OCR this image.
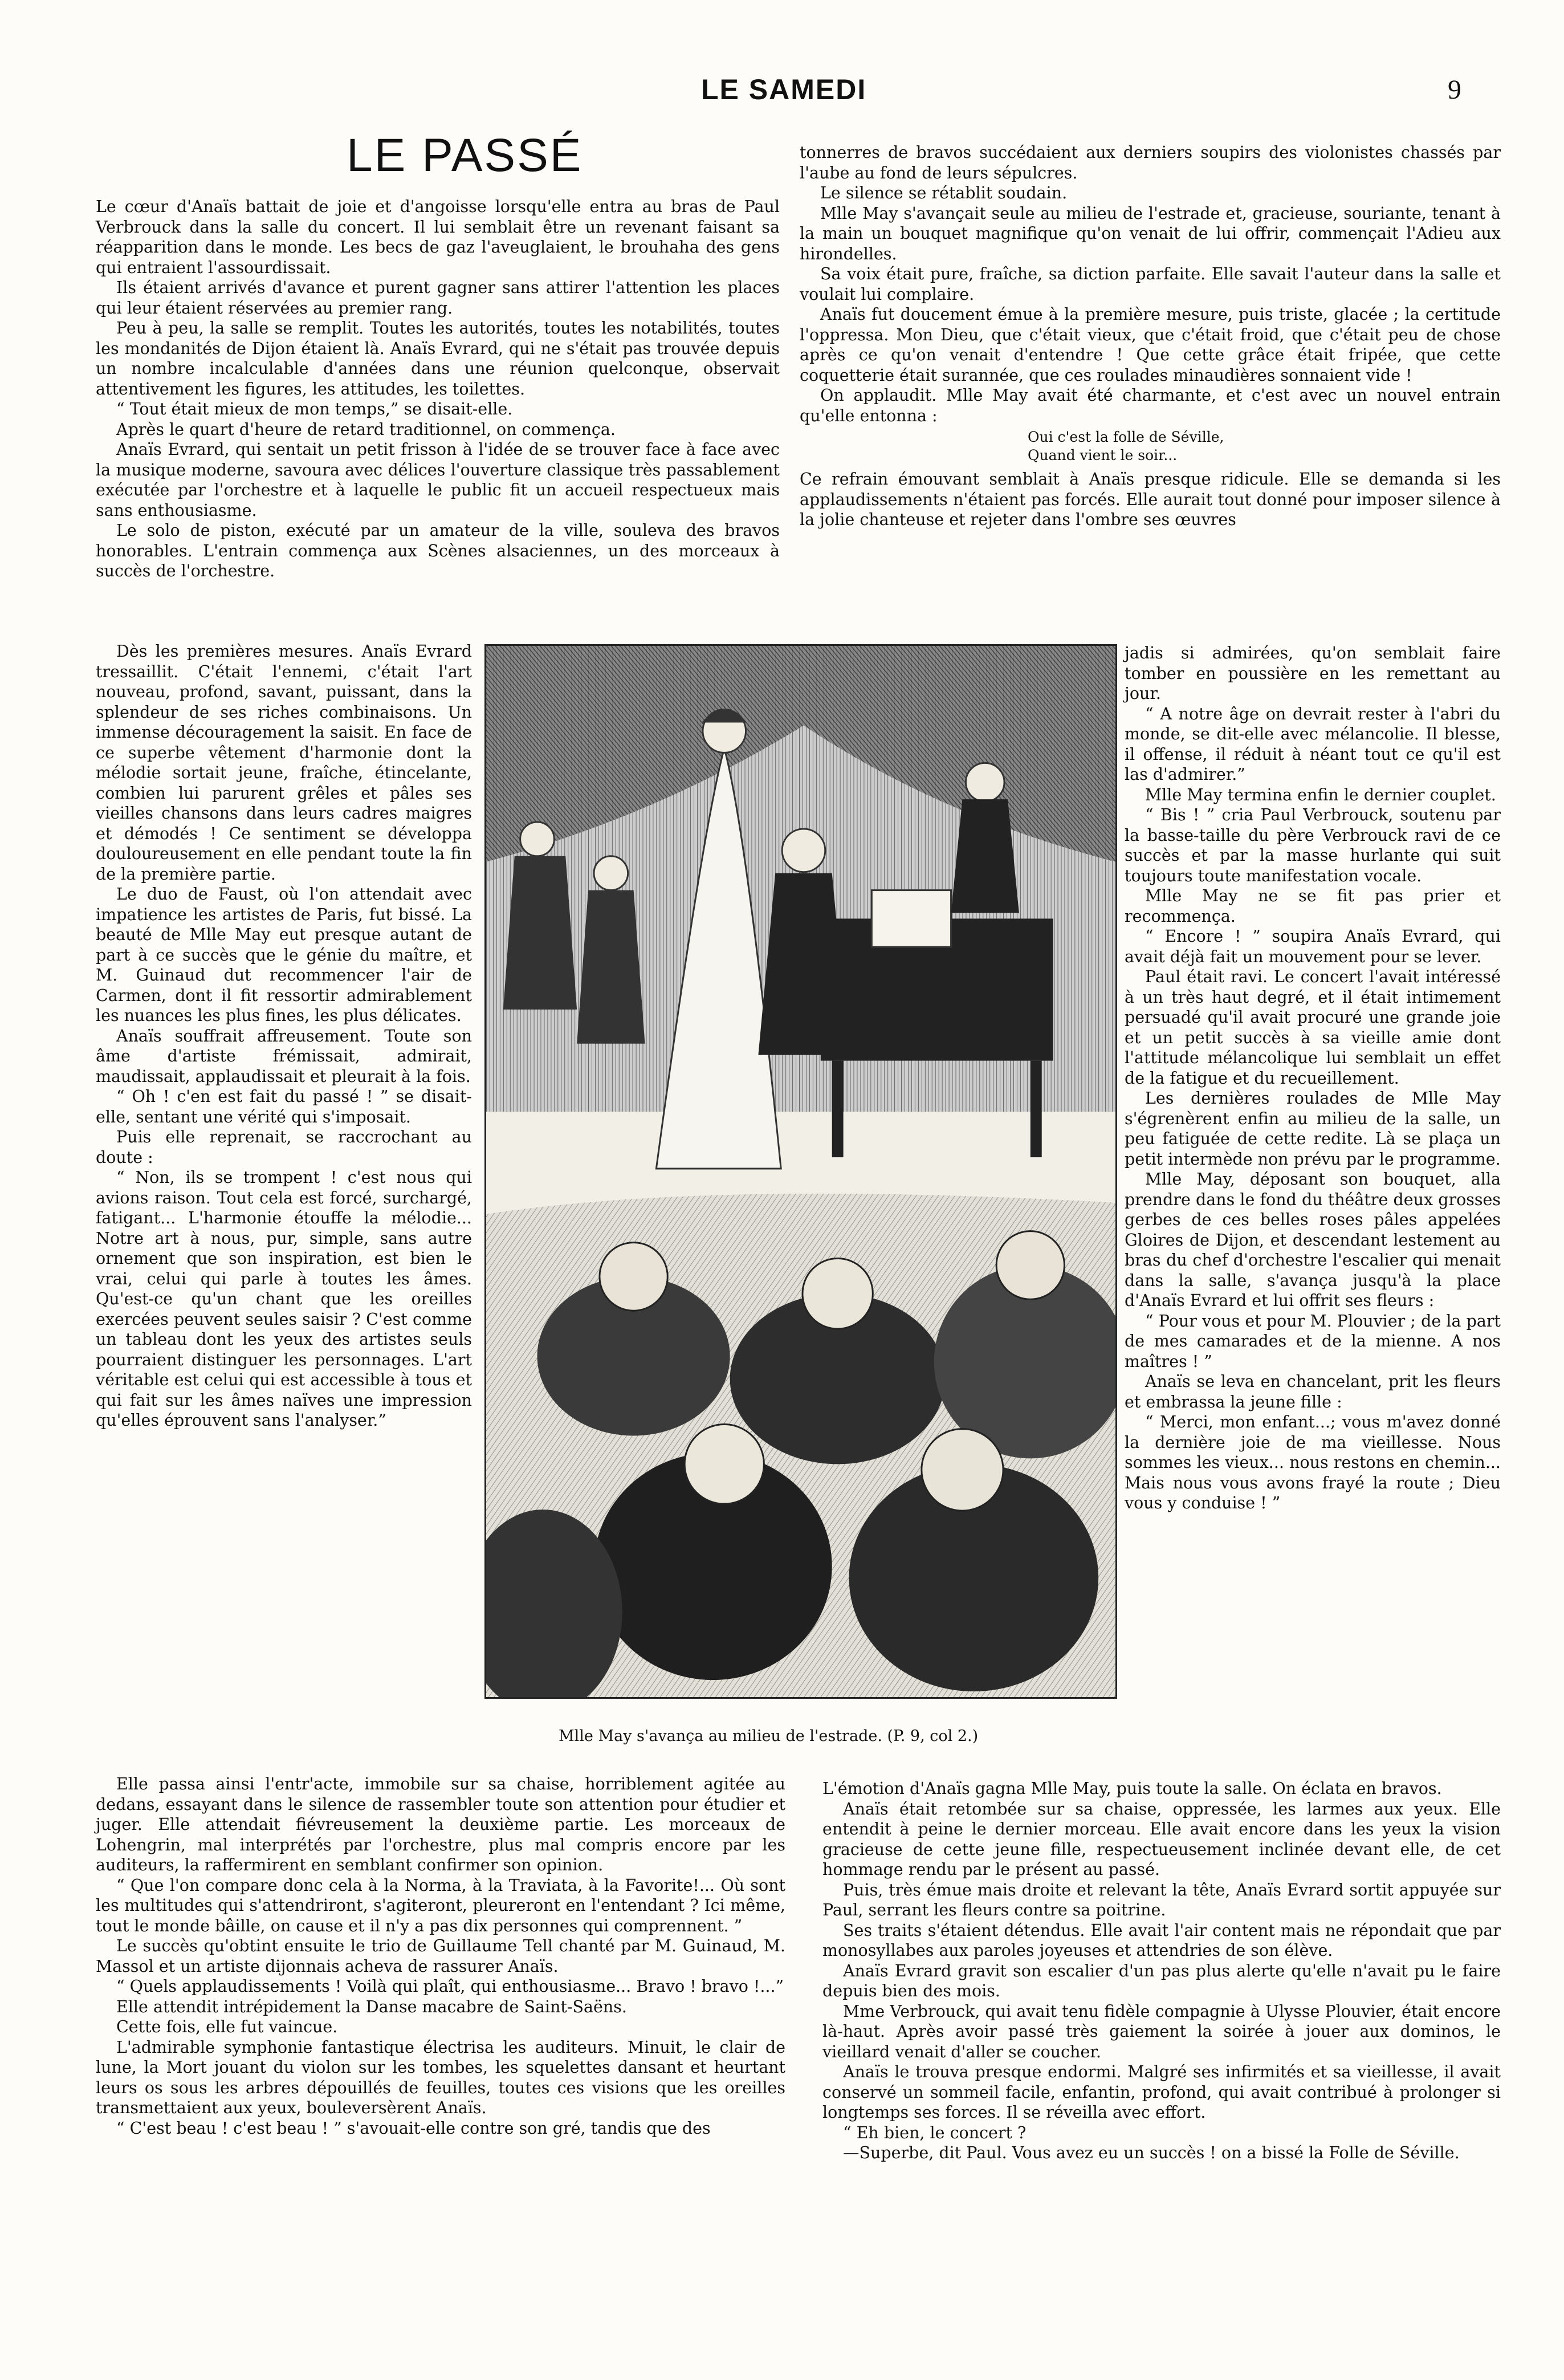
LE SAMEDI	9
LE PASSÉ

Le cœur d'Anaïs battait de joie et d'angoisse lorsqu'elle entra au bras de Paul Verbrouck dans la salle du concert. Il lui semblait être un revenant faisant sa réapparition dans le monde. Les becs de gaz l'aveuglaient, le brouhaha des gens qui entraient l'assourdissait.

Ils étaient arrivés d'avance et purent gagner sans attirer l'attention les places qui leur étaient réservées au premier rang.

Peu à peu, la salle se remplit. Toutes les autorités, toutes les notabilités, toutes les mondanités de Dijon étaient là. Anaïs Evrard, qui ne s'était pas trouvée depuis un nombre incalculable d'années dans une réunion quelconque, observait attentivement les figures, les attitudes, les toilettes.

“ Tout était mieux de mon temps,” se disait-elle.

Après le quart d'heure de retard traditionnel, on commença.

Anaïs Evrard, qui sentait un petit frisson à l'idée de se trouver face à face avec la musique moderne, savoura avec délices l'ouverture classique très passablement exécutée par l'orchestre et à laquelle le public fit un accueil respectueux mais sans enthousiasme.

Le solo de piston, exécuté par un amateur de la ville, souleva des bravos honorables. L'entrain commença aux Scènes alsaciennes, un des morceaux à succès de l'orchestre.

Dès les premières mesures. Anaïs Evrard tressaillit. C'était l'ennemi, c'était l'art nouveau, profond, savant, puissant, dans la splendeur de ses riches combinaisons. Un immense découragement la saisit. En face de ce superbe vêtement d'harmonie dont la mélodie sortait jeune, fraîche, étincelante, combien lui parurent grêles et pâles ses vieilles chansons dans leurs cadres maigres et démodés ! Ce sentiment se développa douloureusement en elle pendant toute la fin de la première partie.

Le duo de Faust, où l'on attendait avec impatience les artistes de Paris, fut bissé. La beauté de Mlle May eut presque autant de part à ce succès que le génie du maître, et M. Guinaud dut recommencer l'air de Carmen, dont il fit ressortir admirablement les nuances les plus fines, les plus délicates.

Anaïs souffrait affreusement. Toute son âme d'artiste frémissait, admirait, maudissait, applaudissait et pleurait à la fois.

“ Oh ! c'en est fait du passé ! ” se disait-elle, sentant une vérité qui s'imposait.

Puis elle reprenait, se raccrochant au doute :

“ Non, ils se trompent ! c'est nous qui avions raison. Tout cela est forcé, surchargé, fatigant... L'harmonie étouffe la mélodie... Notre art à nous, pur, simple, sans autre ornement que son inspiration, est bien le vrai, celui qui parle à toutes les âmes. Qu'est-ce qu'un chant que les oreilles exercées peuvent seules saisir ? C'est comme un tableau dont les yeux des artistes seuls pourraient distinguer les personnages. L'art véritable est celui qui est accessible à tous et qui fait sur les âmes naïves une impression qu'elles éprouvent sans l'analyser.”

Mlle May s'avança au milieu de l'estrade. (P. 9, col 2.)

Elle passa ainsi l'entr'acte, immobile sur sa chaise, horriblement agitée au dedans, essayant dans le silence de rassembler toute son attention pour étudier et juger. Elle attendait fiévreusement la deuxième partie. Les morceaux de Lohengrin, mal interprétés par l'orchestre, plus mal compris encore par les auditeurs, la raffermirent en semblant confirmer son opinion.

“ Que l'on compare donc cela à la Norma, à la Traviata, à la Favorite!... Où sont les multitudes qui s'attendriront, s'agiteront, pleureront en l'entendant ? Ici même, tout le monde bâille, on cause et il n'y a pas dix personnes qui comprennent. ”

Le succès qu'obtint ensuite le trio de Guillaume Tell chanté par M. Guinaud, M. Massol et un artiste dijonnais acheva de rassurer Anaïs.

“ Quels applaudissements ! Voilà qui plaît, qui enthousiasme... Bravo ! bravo !...”

Elle attendit intrépidement la Danse macabre de Saint-Saëns.

Cette fois, elle fut vaincue.

L'admirable symphonie fantastique électrisa les auditeurs. Minuit, le clair de lune, la Mort jouant du violon sur les tombes, les squelettes dansant et heurtant leurs os sous les arbres dépouillés de feuilles, toutes ces visions que les oreilles transmettaient aux yeux, bouleversèrent Anaïs.

“ C'est beau ! c'est beau ! ” s'avouait-elle contre son gré, tandis que des

tonnerres de bravos succédaient aux derniers soupirs des violonistes chassés par l'aube au fond de leurs sépulcres.

Le silence se rétablit soudain.

Mlle May s'avançait seule au milieu de l'estrade et, gracieuse, souriante, tenant à la main un bouquet magnifique qu'on venait de lui offrir, commençait l'Adieu aux hirondelles.

Sa voix était pure, fraîche, sa diction parfaite. Elle savait l'auteur dans la salle et voulait lui complaire.

Anaïs fut doucement émue à la première mesure, puis triste, glacée ; la certitude l'oppressa. Mon Dieu, que c'était vieux, que c'était froid, que c'était peu de chose après ce qu'on venait d'entendre ! Que cette grâce était fripée, que cette coquetterie était surannée, que ces roulades minaudières sonnaient vide !

On applaudit. Mlle May avait été charmante, et c'est avec un nouvel entrain qu'elle entonna :

Oui c'est la folle de Séville,
Quand vient le soir...

Ce refrain émouvant semblait à Anaïs presque ridicule. Elle se demanda si les applaudissements n'étaient pas forcés. Elle aurait tout donné pour imposer silence à la jolie chanteuse et rejeter dans l'ombre ses œuvres

jadis si admirées, qu'on semblait faire tomber en poussière en les remettant au jour.

“ A notre âge on devrait rester à l'abri du monde, se dit-elle avec mélancolie. Il blesse, il offense, il réduit à néant tout ce qu'il est las d'admirer.”

Mlle May termina enfin le dernier couplet.

“ Bis ! ” cria Paul Verbrouck, soutenu par la basse-taille du père Verbrouck ravi de ce succès et par la masse hurlante qui suit toujours toute manifestation vocale.

Mlle May ne se fit pas prier et recommença.

“ Encore ! ” soupira Anaïs Evrard, qui avait déjà fait un mouvement pour se lever.

Paul était ravi. Le concert l'avait intéressé à un très haut degré, et il était intimement persuadé qu'il avait procuré une grande joie et un petit succès à sa vieille amie dont l'attitude mélancolique lui semblait un effet de la fatigue et du recueillement.

Les dernières roulades de Mlle May s'égrenèrent enfin au milieu de la salle, un peu fatiguée de cette redite. Là se plaça un petit intermède non prévu par le programme.

Mlle May, déposant son bouquet, alla prendre dans le fond du théâtre deux grosses gerbes de ces belles roses pâles appelées Gloires de Dijon, et descendant lestement au bras du chef d'orchestre l'escalier qui menait dans la salle, s'avança jusqu'à la place d'Anaïs Evrard et lui offrit ses fleurs :

“ Pour vous et pour M. Plouvier ; de la part de mes camarades et de la mienne. A nos maîtres ! ”

Anaïs se leva en chancelant, prit les fleurs et embrassa la jeune fille :

“ Merci, mon enfant...; vous m'avez donné la dernière joie de ma vieillesse. Nous sommes les vieux... nous restons en chemin... Mais nous vous avons frayé la route ; Dieu vous y conduise ! ”

L'émotion d'Anaïs gagna Mlle May, puis toute la salle. On éclata en bravos.

Anaïs était retombée sur sa chaise, oppressée, les larmes aux yeux. Elle entendit à peine le dernier morceau. Elle avait encore dans les yeux la vision gracieuse de cette jeune fille, respectueusement inclinée devant elle, de cet hommage rendu par le présent au passé.

Puis, très émue mais droite et relevant la tête, Anaïs Evrard sortit appuyée sur Paul, serrant les fleurs contre sa poitrine.

Ses traits s'étaient détendus. Elle avait l'air content mais ne répondait que par monosyllabes aux paroles joyeuses et attendries de son élève.

Anaïs Evrard gravit son escalier d'un pas plus alerte qu'elle n'avait pu le faire depuis bien des mois.

Mme Verbrouck, qui avait tenu fidèle compagnie à Ulysse Plouvier, était encore là-haut. Après avoir passé très gaiement la soirée à jouer aux dominos, le vieillard venait d'aller se coucher.

Anaïs le trouva presque endormi. Malgré ses infirmités et sa vieillesse, il avait conservé un sommeil facile, enfantin, profond, qui avait contribué à prolonger si longtemps ses forces. Il se réveilla avec effort.

“ Eh bien, le concert ?

—Superbe, dit Paul. Vous avez eu un succès ! on a bissé la Folle de Séville.
